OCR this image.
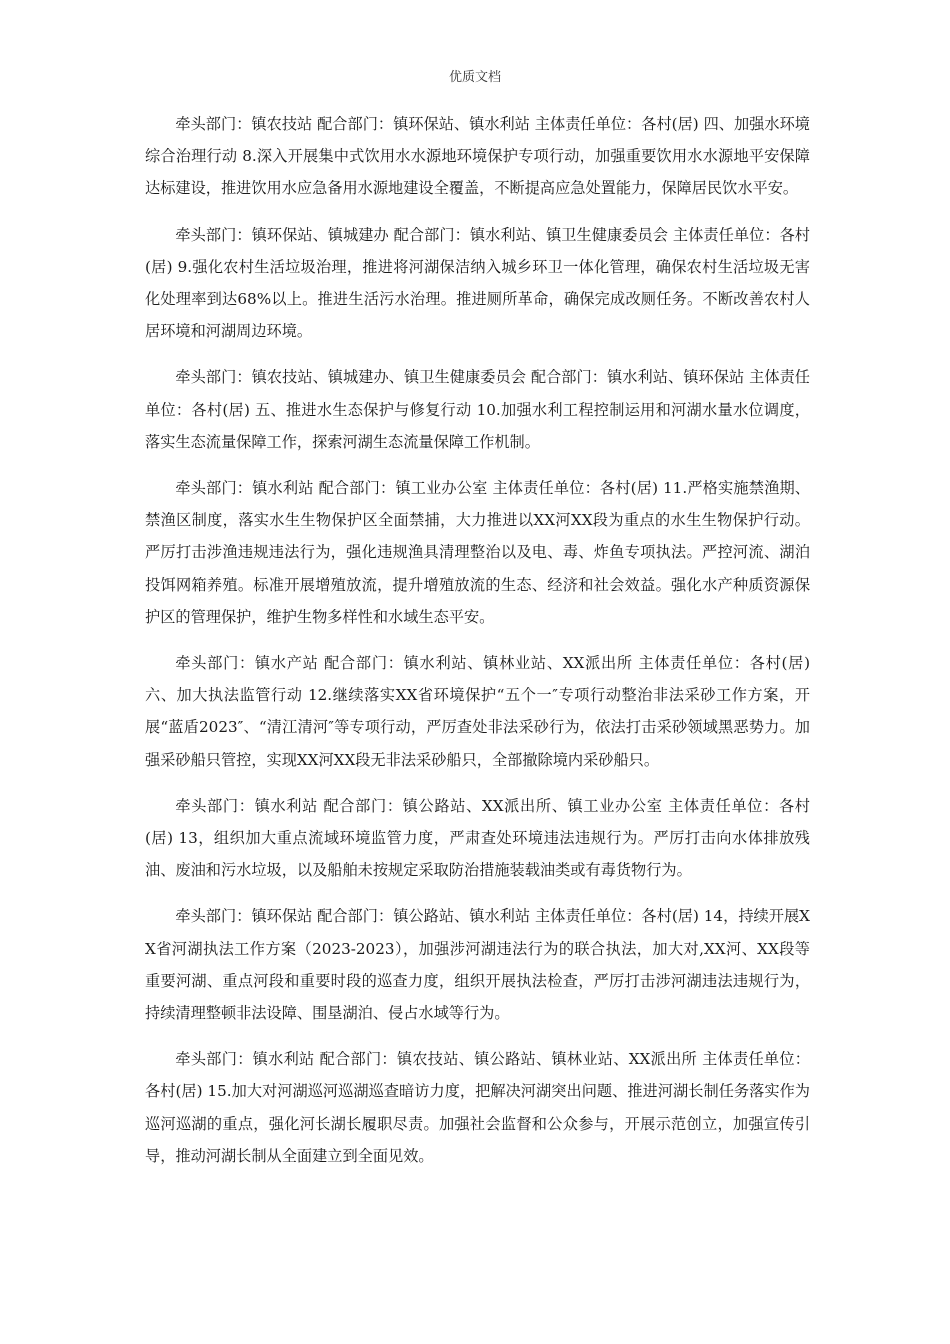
优质文档

牵头部门：镇农技站 配合部门：镇环保站、镇水利站 主体责任单位：各村(居) 四、加强水环境综合治理行动 8.深入开展集中式饮用水水源地环境保护专项行动，加强重要饮用水水源地平安保障达标建设，推进饮用水应急备用水源地建设全覆盖，不断提高应急处置能力，保障居民饮水平安。

牵头部门：镇环保站、镇城建办 配合部门：镇水利站、镇卫生健康委员会 主体责任单位：各村(居) 9.强化农村生活垃圾治理，推进将河湖保洁纳入城乡环卫一体化管理，确保农村生活垃圾无害化处理率到达68%以上。推进生活污水治理。推进厕所革命，确保完成改厕任务。不断改善农村人居环境和河湖周边环境。

牵头部门：镇农技站、镇城建办、镇卫生健康委员会 配合部门：镇水利站、镇环保站 主体责任单位：各村(居) 五、推进水生态保护与修复行动 10.加强水利工程控制运用和河湖水量水位调度，落实生态流量保障工作，探索河湖生态流量保障工作机制。

牵头部门：镇水利站 配合部门：镇工业办公室 主体责任单位：各村(居) 11.严格实施禁渔期、禁渔区制度，落实水生生物保护区全面禁捕，大力推进以XX河XX段为重点的水生生物保护行动。严厉打击涉渔违规违法行为，强化违规渔具清理整治以及电、毒、炸鱼专项执法。严控河流、湖泊投饵网箱养殖。标准开展增殖放流，提升增殖放流的生态、经济和社会效益。强化水产种质资源保护区的管理保护，维护生物多样性和水域生态平安。

牵头部门：镇水产站 配合部门：镇水利站、镇林业站、XX派出所 主体责任单位：各村(居) 六、加大执法监管行动 12.继续落实XX省环境保护“五个一″专项行动整治非法采砂工作方案，开展“蓝盾2023″、“清江清河″等专项行动，严厉查处非法采砂行为，依法打击采砂领域黑恶势力。加强采砂船只管控，实现XX河XX段无非法采砂船只，全部撤除境内采砂船只。

牵头部门：镇水利站 配合部门：镇公路站、XX派出所、镇工业办公室 主体责任单位：各村(居) 13，组织加大重点流域环境监管力度，严肃查处环境违法违规行为。严厉打击向水体排放残油、废油和污水垃圾，以及船舶未按规定采取防治措施装载油类或有毒货物行为。

牵头部门：镇环保站 配合部门：镇公路站、镇水利站 主体责任单位：各村(居) 14，持续开展XX省河湖执法工作方案（2023-2023），加强涉河湖违法行为的联合执法，加大对,XX河、XX段等重要河湖、重点河段和重要时段的巡查力度，组织开展执法检查，严厉打击涉河湖违法违规行为，持续清理整顿非法设障、围垦湖泊、侵占水域等行为。

牵头部门：镇水利站 配合部门：镇农技站、镇公路站、镇林业站、XX派出所 主体责任单位：各村(居) 15.加大对河湖巡河巡湖巡查暗访力度，把解决河湖突出问题、推进河湖长制任务落实作为巡河巡湖的重点，强化河长湖长履职尽责。加强社会监督和公众参与，开展示范创立，加强宣传引导，推动河湖长制从全面建立到全面见效。
